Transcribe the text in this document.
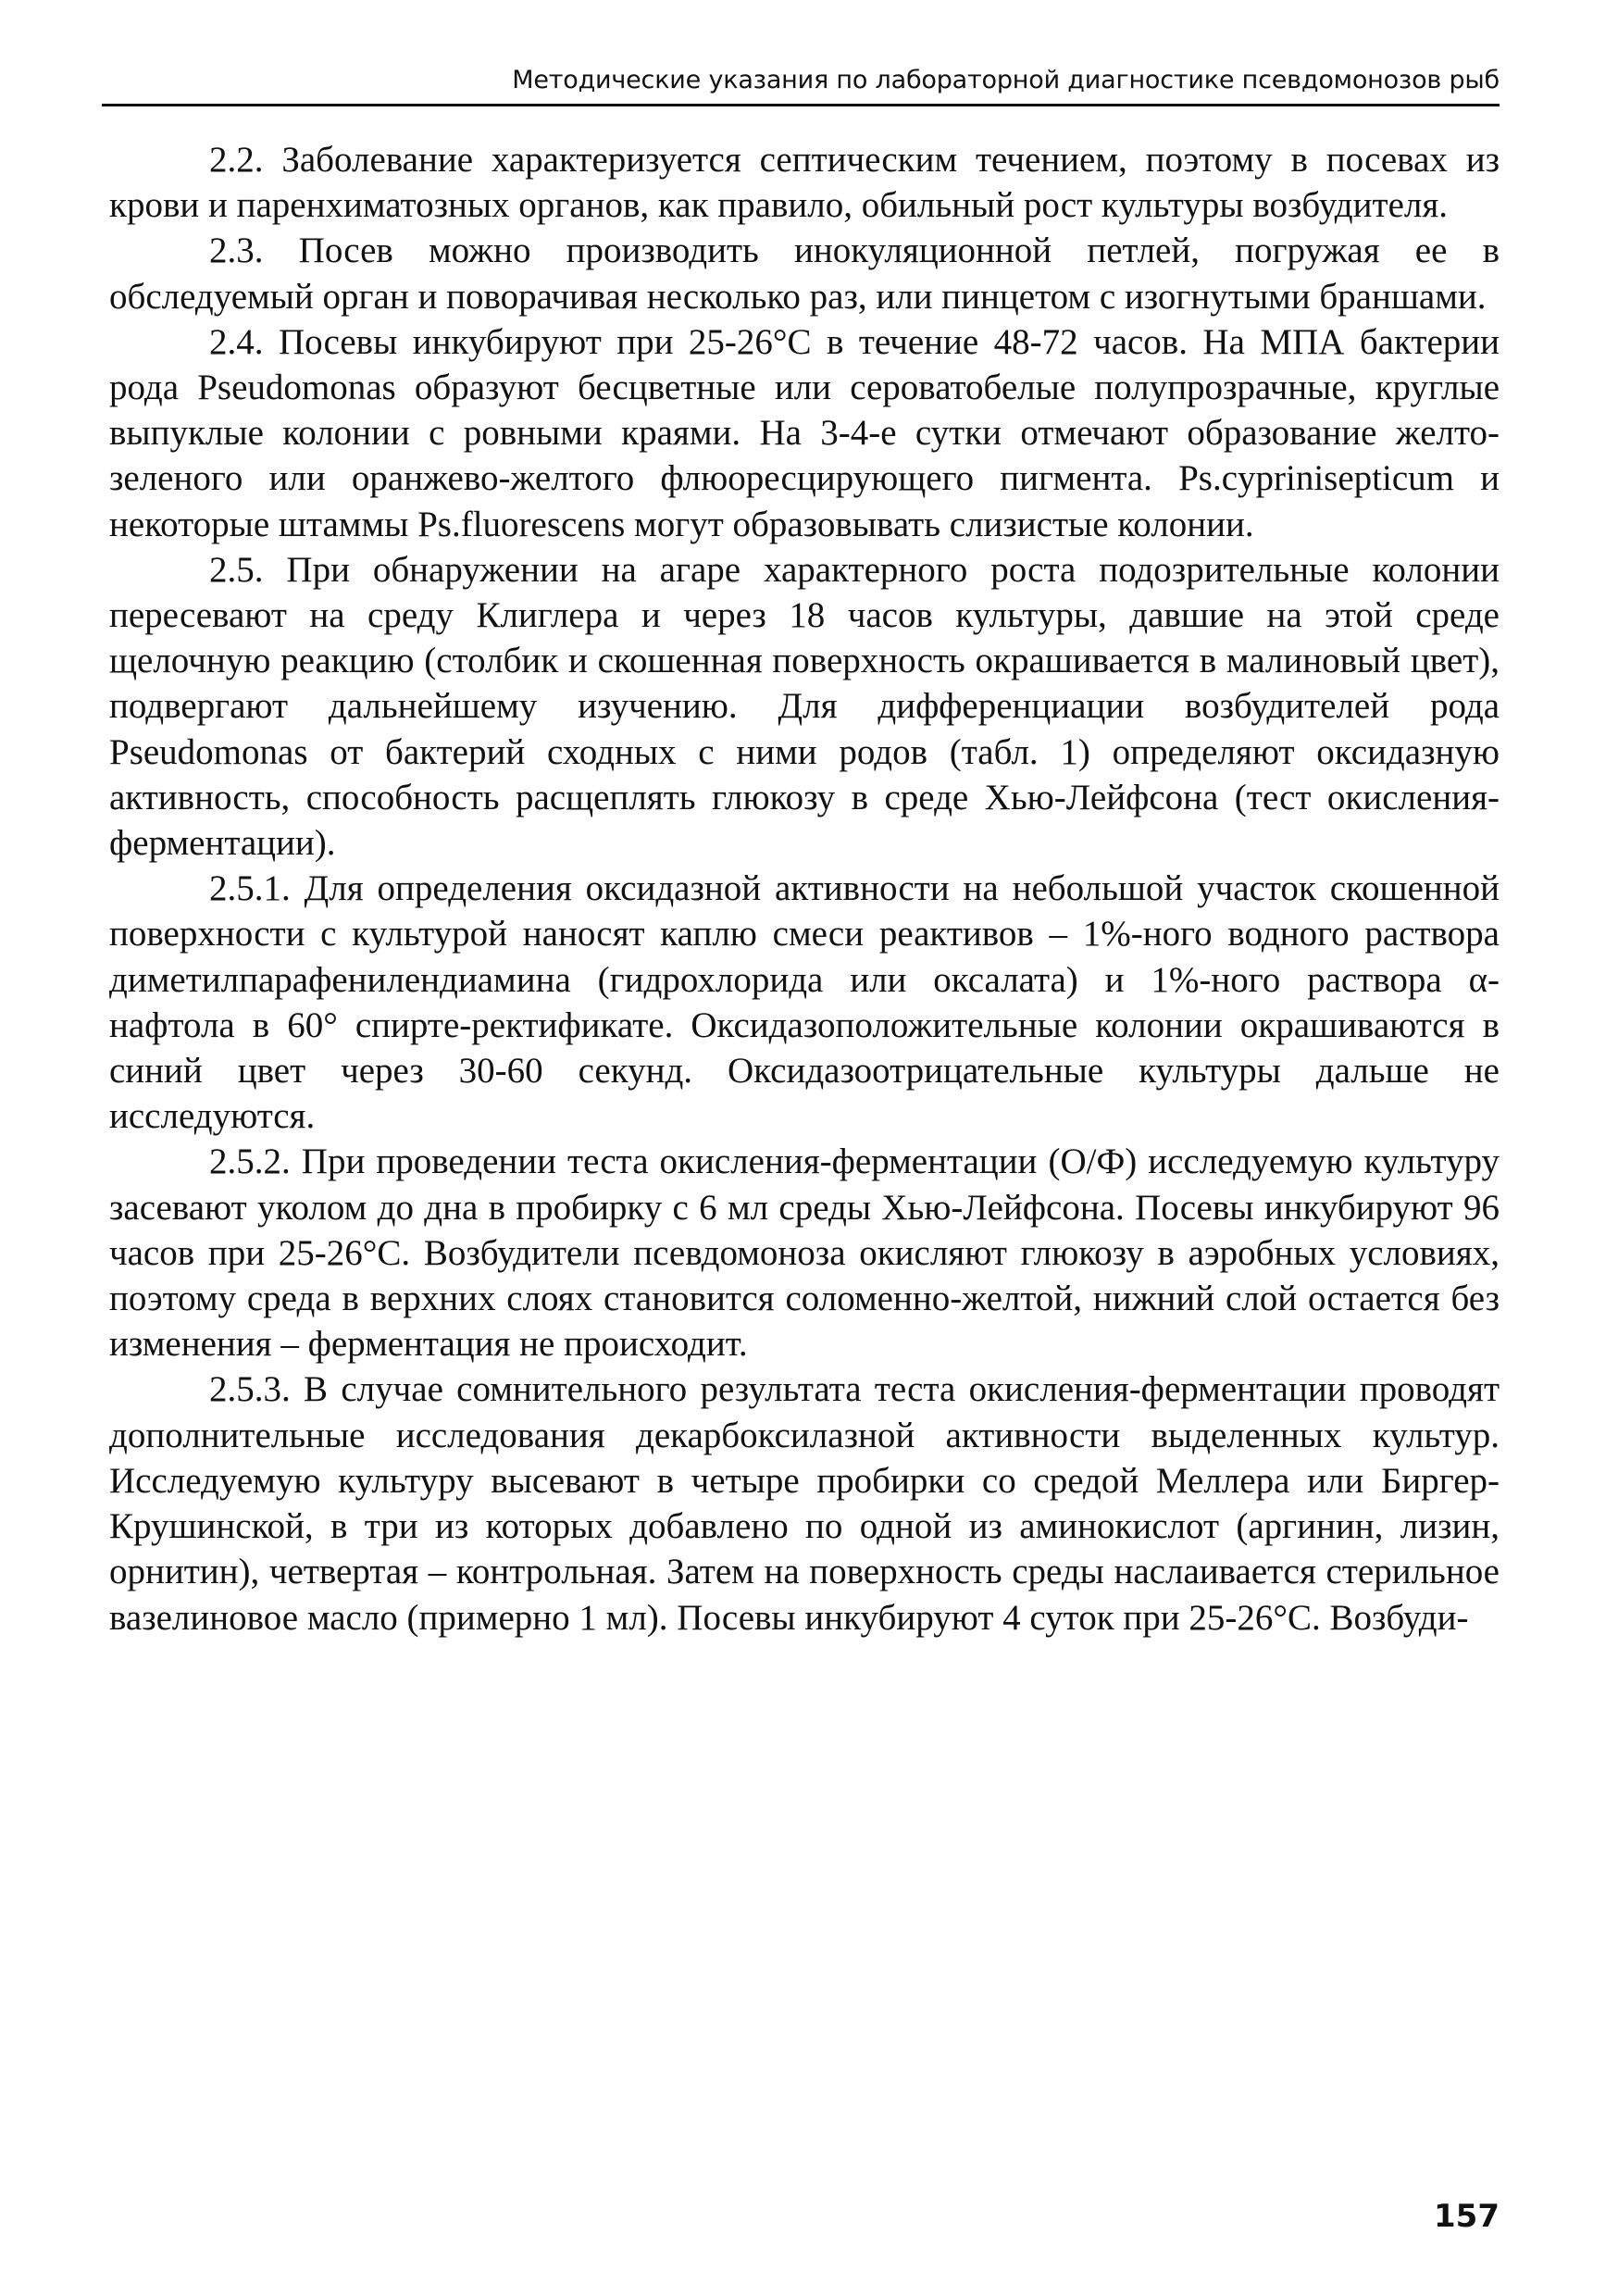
Методические указания по лабораторной диагностике псевдомонозов рыб

2.2. Заболевание характеризуется септическим течением, поэтому в посевах из крови и паренхиматозных органов, как правило, обильный рост культуры возбудителя.

2.3. Посев можно производить инокуляционной петлей, погружая ее в обследуемый орган и поворачивая несколько раз, или пинцетом с изогнутыми браншами.

2.4. Посевы инкубируют при 25-26°С в течение 48-72 часов. На МПА бактерии рода Pseudomonas образуют бесцветные или сероватобелые полупрозрачные, круглые выпуклые колонии с ровными краями. На 3-4-е сутки отмечают образование желто-зеленого или оранжево-желтого флюоресцирующего пигмента. Ps.cyprinisepticum и некоторые штаммы Ps.fluorescens могут образовывать слизистые колонии.

2.5. При обнаружении на агаре характерного роста подозрительные колонии пересевают на среду Клиглера и через 18 часов культуры, давшие на этой среде щелочную реакцию (столбик и скошенная поверхность окрашивается в малиновый цвет), подвергают дальнейшему изучению. Для дифференциации возбудителей рода Pseudomonas от бактерий сходных с ними родов (табл. 1) определяют оксидазную активность, способность расщеплять глюкозу в среде Хью-Лейфсона (тест окисления-ферментации).

2.5.1. Для определения оксидазной активности на небольшой участок скошенной поверхности с культурой наносят каплю смеси реактивов – 1%-ного водного раствора диметилпарафенилендиамина (гидрохлорида или оксалата) и 1%-ного раствора α-нафтола в 60° спирте-ректификате. Оксидазоположительные колонии окрашиваются в синий цвет через 30-60 секунд. Оксидазоотрицательные культуры дальше не исследуются.

2.5.2. При проведении теста окисления-ферментации (О/Ф) исследуемую культуру засевают уколом до дна в пробирку с 6 мл среды Хью-Лейфсона. Посевы инкубируют 96 часов при 25-26°С. Возбудители псевдомоноза окисляют глюкозу в аэробных условиях, поэтому среда в верхних слоях становится соломенно-желтой, нижний слой остается без изменения – ферментация не происходит.

2.5.3. В случае сомнительного результата теста окисления-ферментации проводят дополнительные исследования декарбоксилазной активности выделенных культур. Исследуемую культуру высевают в четыре пробирки со средой Меллера или Биргер-Крушинской, в три из которых добавлено по одной из аминокислот (аргинин, лизин, орнитин), четвертая – контрольная. Затем на поверхность среды наслаивается стерильное вазелиновое масло (примерно 1 мл). Посевы инкубируют 4 суток при 25-26°С. Возбуди-

157
